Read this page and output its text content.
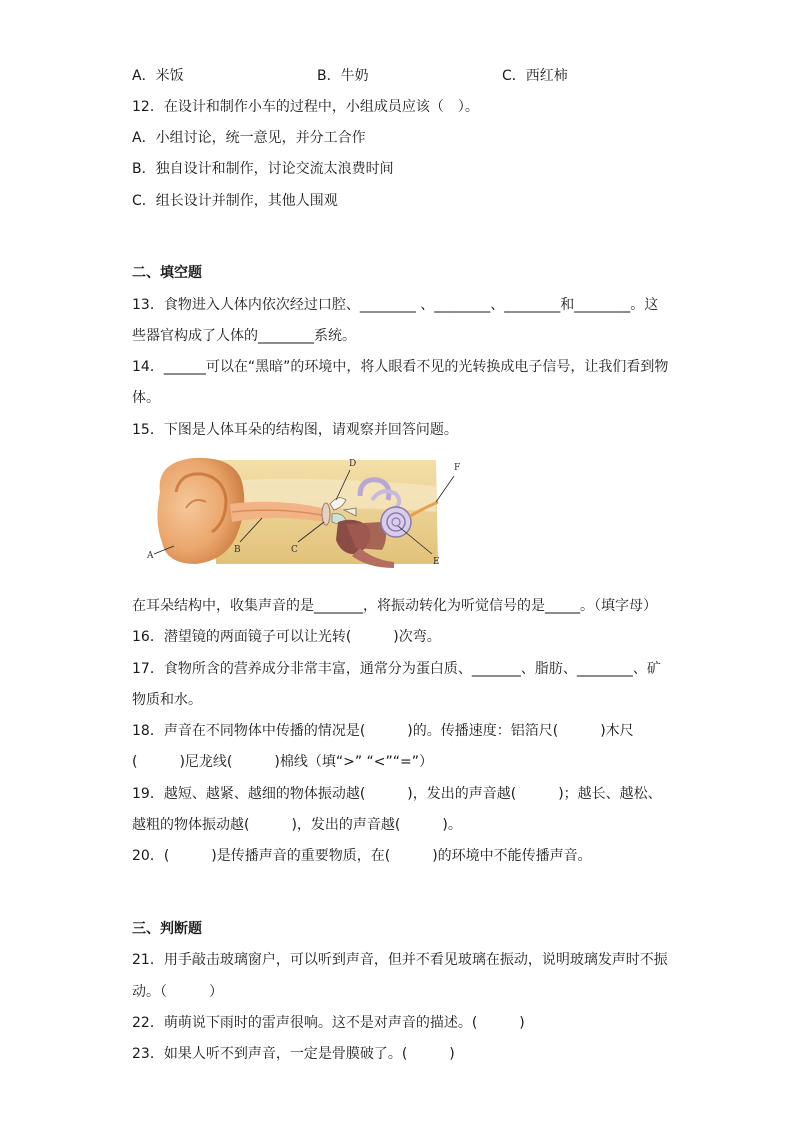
A．米饭	B．牛奶	C．西红柿
12．在设计和制作小车的过程中，小组成员应该（　）。
A．小组讨论，统一意见，并分工合作
B．独自设计和制作，讨论交流太浪费时间
C．组长设计并制作，其他人围观
二、填空题
13．食物进入人体内依次经过口腔、________ 、________、________和________。这
些器官构成了人体的________系统。
14．______可以在“黑暗”的环境中，将人眼看不见的光转换成电子信号，让我们看到物
体。
15．下图是人体耳朵的结构图，请观察并回答问题。
A
B	C
D
E
F
在耳朵结构中，收集声音的是_______，将振动转化为听觉信号的是_____。（填字母）
16．潜望镜的两面镜子可以让光转(　　　)次弯。
17．食物所含的营养成分非常丰富，通常分为蛋白质、_______、脂肪、________、矿
物质和水。
18．声音在不同物体中传播的情况是(　　　)的。传播速度：铝箔尺(　　　)木尺
(　　　)尼龙线(　　　)棉线（填“>” “<”“=”）
19．越短、越紧、越细的物体振动越(　　　)，发出的声音越(　　　)；越长、越松、
越粗的物体振动越(　　　)，发出的声音越(　　　)。
20．(　　　)是传播声音的重要物质，在(　　　)的环境中不能传播声音。
三、判断题
21．用手敲击玻璃窗户，可以听到声音，但并不看见玻璃在振动，说明玻璃发声时不振
动。（　　　）
22．萌萌说下雨时的雷声很响。这不是对声音的描述。(　　　)
23．如果人听不到声音，一定是骨膜破了。(　　　)
